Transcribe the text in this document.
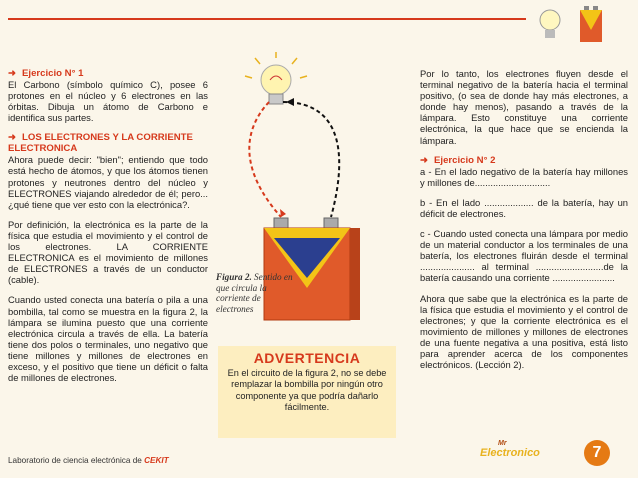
➜ Ejercicio N° 1

El Carbono (símbolo químico C), posee 6 protones en el núcleo y 6 electrones en las órbitas. Dibuja un átomo de Carbono e identifica sus partes.

➜ LOS ELECTRONES Y LA CORRIENTE ELECTRONICA

Ahora puede decir: "bien"; entiendo que todo está hecho de átomos, y que los átomos tienen protones y neutrones dentro del núcleo y ELECTRONES viajando alrededor de él; pero... ¿qué tiene que ver esto con la electrónica?.

Por definición, la electrónica es la parte de la física que estudia el movimiento y el control de los electrones. LA CORRIENTE ELECTRONICA es el movimiento de millones de ELECTRONES a través de un conductor (cable).

Cuando usted conecta una batería o pila a una bombilla, tal como se muestra en la figura 2, la lámpara se ilumina puesto que una corriente electrónica circula a través de ella. La batería tiene dos polos o terminales, uno negativo que tiene millones y millones de electrones en exceso, y el positivo que tiene un déficit o falta de millones de electrones.

Figura 2. Sentido en que circula la corriente de electrones
ADVERTENCIA
En el circuito de la figura 2, no se debe remplazar la bombilla por ningún otro componente ya que podría dañarlo fácilmente.

Por lo tanto, los electrones fluyen desde el terminal negativo de la batería hacia el terminal positivo, (o sea de donde hay más electrones, a donde hay menos), pasando a través de la lámpara. Esto constituye una corriente electrónica, la que hace que se encienda la lámpara.

➜ Ejercicio N° 2

a - En el lado negativo de la batería hay millones y millones de.............................

b - En el lado ................... de la batería, hay un déficit de electrones.

c - Cuando usted conecta una lámpara por medio de un material conductor a los terminales de una batería, los electrones fluirán desde el terminal ..................... al terminal ..........................de la batería causando una corriente ........................

Ahora que sabe que la electrónica es la parte de la física que estudia el movimiento y el control de electrones; y que la corriente electrónica es el movimiento de millones y millones de electrones de una fuente negativa a una positiva, está listo para aprender acerca de los componentes electrónicos. (Lección 2).

Laboratorio de ciencia electrónica de CEKIT
Mr
Electronico	7
